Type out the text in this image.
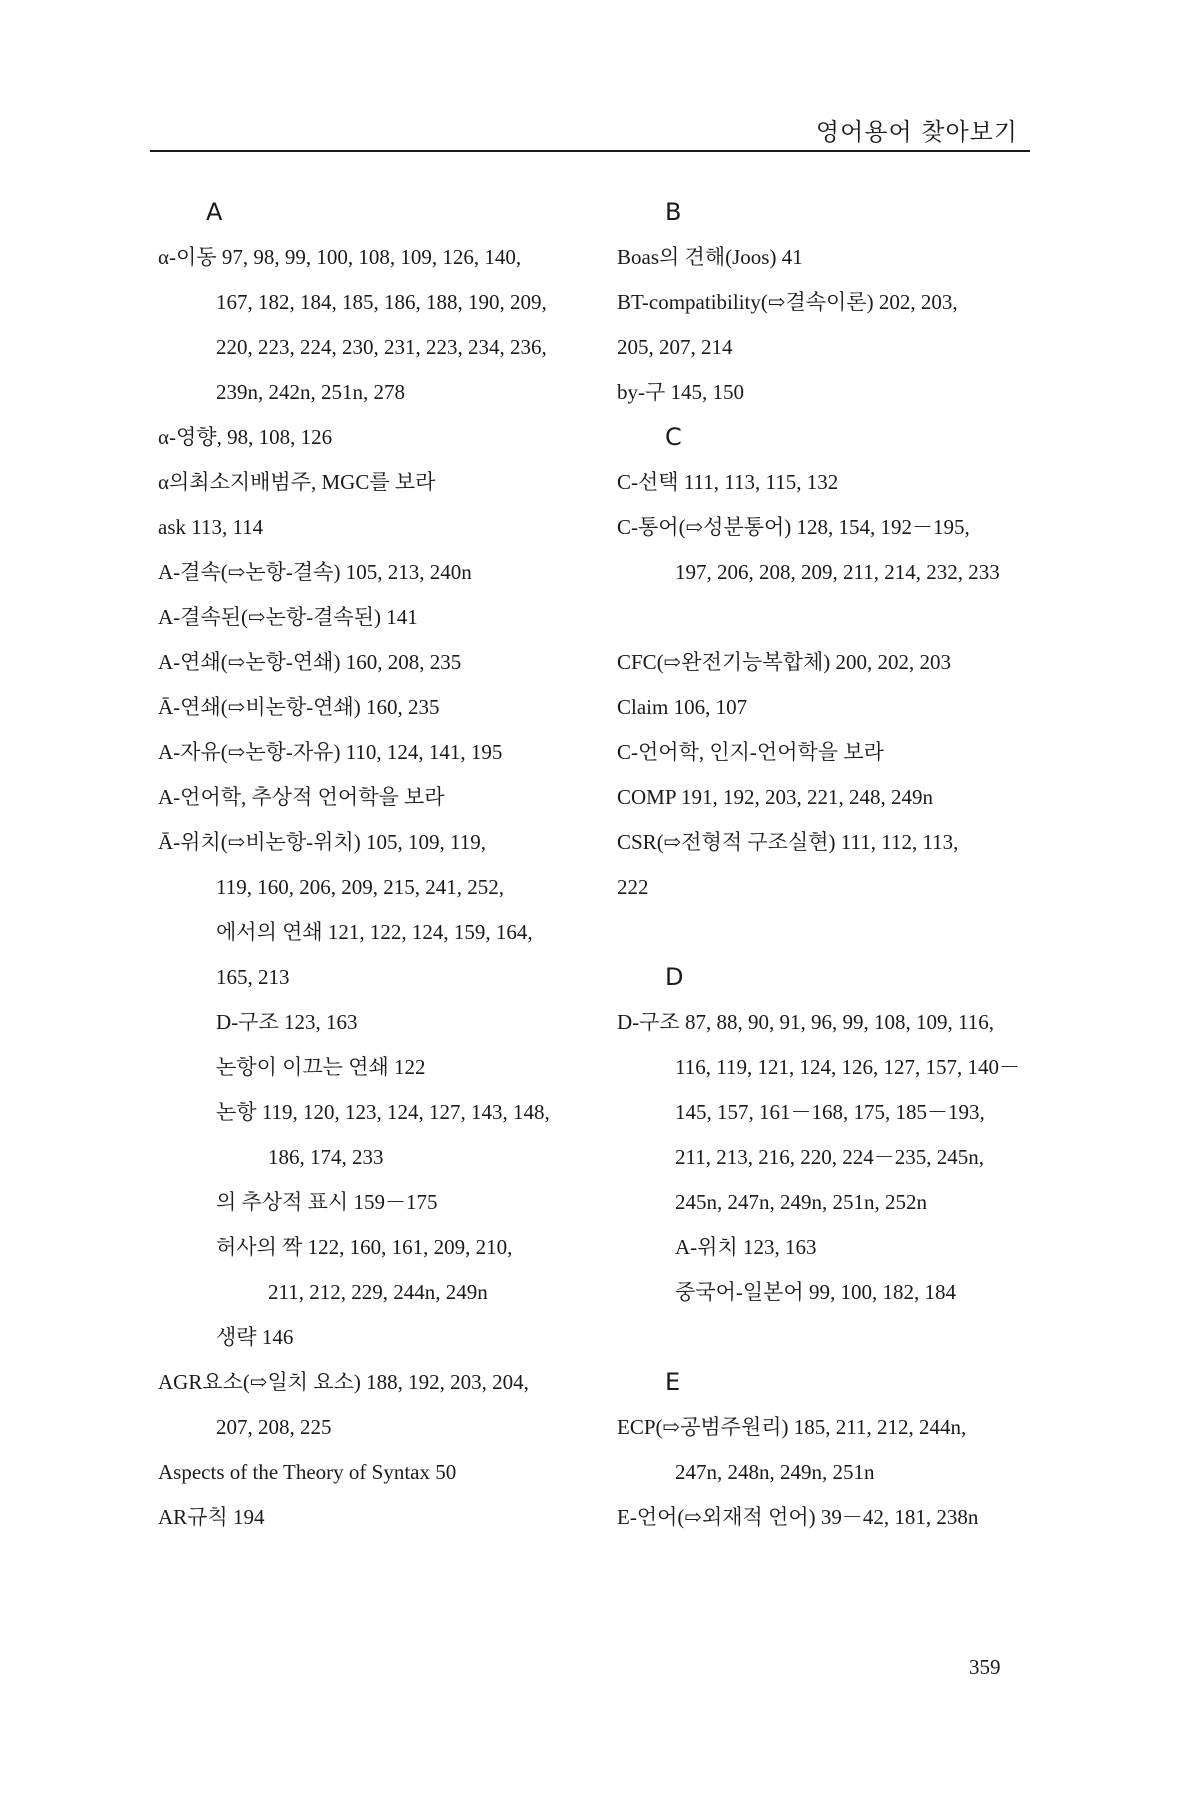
영어용어 찾아보기
A
α-이동 97, 98, 99, 100, 108, 109, 126, 140,
167, 182, 184, 185, 186, 188, 190, 209,
220, 223, 224, 230, 231, 223, 234, 236,
239n, 242n, 251n, 278
α-영향, 98, 108, 126
α의최소지배범주, MGC를 보라
ask 113, 114
A-결속(⇨논항-결속) 105, 213, 240n
A-결속된(⇨논항-결속된) 141
A-연쇄(⇨논항-연쇄) 160, 208, 235
Ā-연쇄(⇨비논항-연쇄) 160, 235
A-자유(⇨논항-자유) 110, 124, 141, 195
A-언어학, 추상적 언어학을 보라
Ā-위치(⇨비논항-위치) 105, 109, 119,
119, 160, 206, 209, 215, 241, 252,
에서의 연쇄 121, 122, 124, 159, 164,
165, 213
D-구조 123, 163
논항이 이끄는 연쇄 122
논항 119, 120, 123, 124, 127, 143, 148,
186, 174, 233
의 추상적 표시 159－175
허사의 짝 122, 160, 161, 209, 210,
211, 212, 229, 244n, 249n
생략 146
AGR요소(⇨일치 요소) 188, 192, 203, 204,
207, 208, 225
Aspects of the Theory of Syntax 50
AR규칙 194
B
Boas의 견해(Joos) 41
BT-compatibility(⇨결속이론) 202, 203,
205, 207, 214
by-구 145, 150
C
C-선택 111, 113, 115, 132
C-통어(⇨성분통어) 128, 154, 192－195,
197, 206, 208, 209, 211, 214, 232, 233

CFC(⇨완전기능복합체) 200, 202, 203
Claim 106, 107
C-언어학, 인지-언어학을 보라
COMP 191, 192, 203, 221, 248, 249n
CSR(⇨전형적 구조실현) 111, 112, 113,
222
D
D-구조 87, 88, 90, 91, 96, 99, 108, 109, 116,
116, 119, 121, 124, 126, 127, 157, 140－
145, 157, 161－168, 175, 185－193,
211, 213, 216, 220, 224－235, 245n,
245n, 247n, 249n, 251n, 252n
A-위치 123, 163
중국어-일본어 99, 100, 182, 184
E
ECP(⇨공범주원리) 185, 211, 212, 244n,
247n, 248n, 249n, 251n
E-언어(⇨외재적 언어) 39－42, 181, 238n
359
